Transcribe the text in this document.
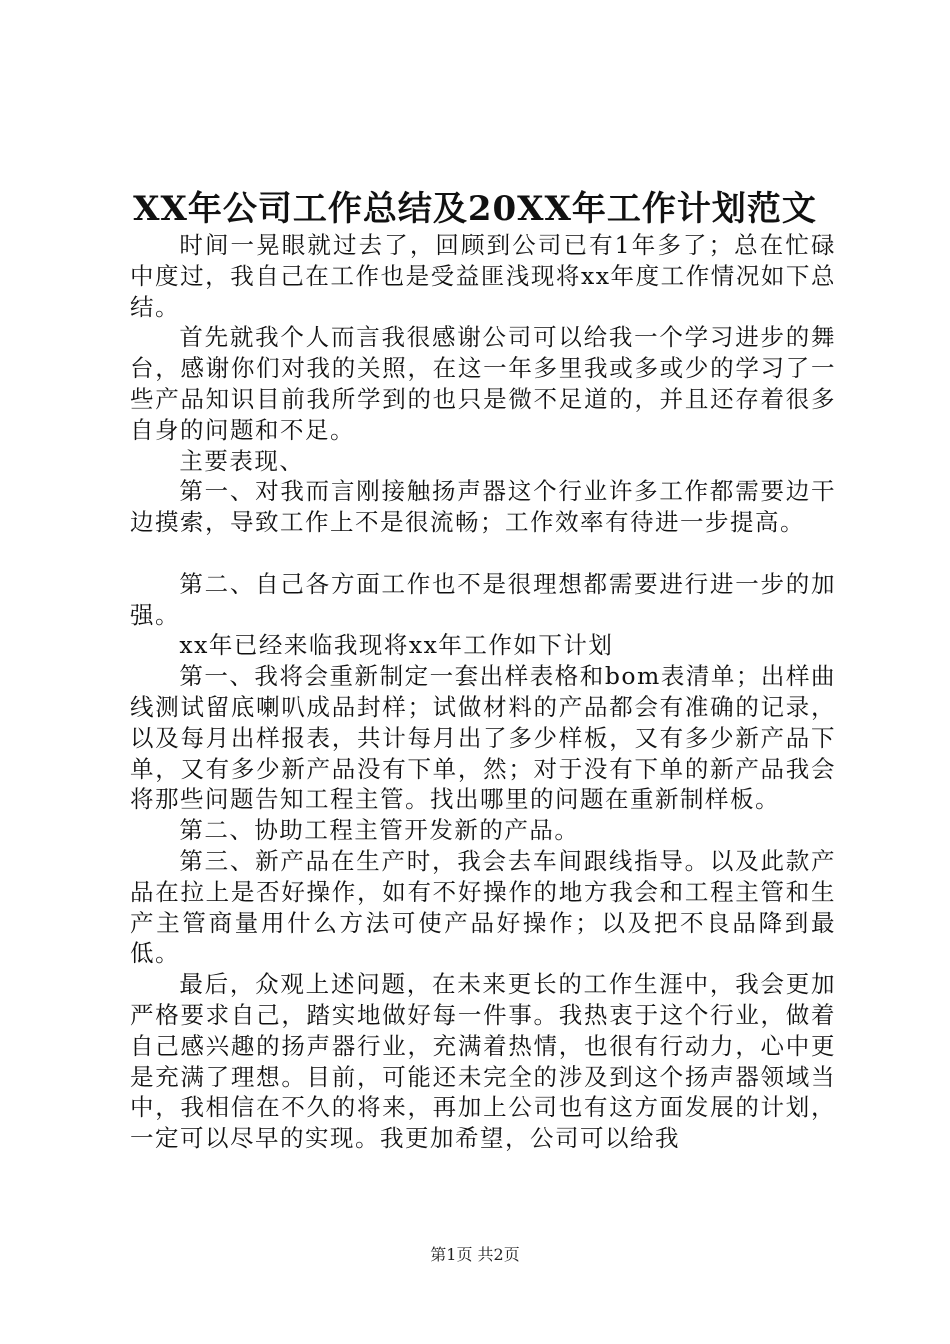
XX年公司工作总结及20XX年工作计划范文

时间一晃眼就过去了，回顾到公司已有1年多了；总在忙碌中度过，我自己在工作也是受益匪浅现将xx年度工作情况如下总结。

首先就我个人而言我很感谢公司可以给我一个学习进步的舞台，感谢你们对我的关照，在这一年多里我或多或少的学习了一些产品知识目前我所学到的也只是微不足道的，并且还存着很多自身的问题和不足。

主要表现、

第一、对我而言刚接触扬声器这个行业许多工作都需要边干边摸索，导致工作上不是很流畅；工作效率有待进一步提高。

第二、自己各方面工作也不是很理想都需要进行进一步的加强。

xx年已经来临我现将xx年工作如下计划

第一、我将会重新制定一套出样表格和bom表清单；出样曲线测试留底喇叭成品封样；试做材料的产品都会有准确的记录，以及每月出样报表，共计每月出了多少样板，又有多少新产品下单，又有多少新产品没有下单，然；对于没有下单的新产品我会将那些问题告知工程主管。找出哪里的问题在重新制样板。

第二、协助工程主管开发新的产品。

第三、新产品在生产时，我会去车间跟线指导。以及此款产品在拉上是否好操作，如有不好操作的地方我会和工程主管和生产主管商量用什么方法可使产品好操作；以及把不良品降到最低。

最后，众观上述问题，在未来更长的工作生涯中，我会更加严格要求自己，踏实地做好每一件事。我热衷于这个行业，做着自己感兴趣的扬声器行业，充满着热情，也很有行动力，心中更是充满了理想。目前，可能还未完全的涉及到这个扬声器领域当中，我相信在不久的将来，再加上公司也有这方面发展的计划，一定可以尽早的实现。我更加希望，公司可以给我

第1页 共2页
